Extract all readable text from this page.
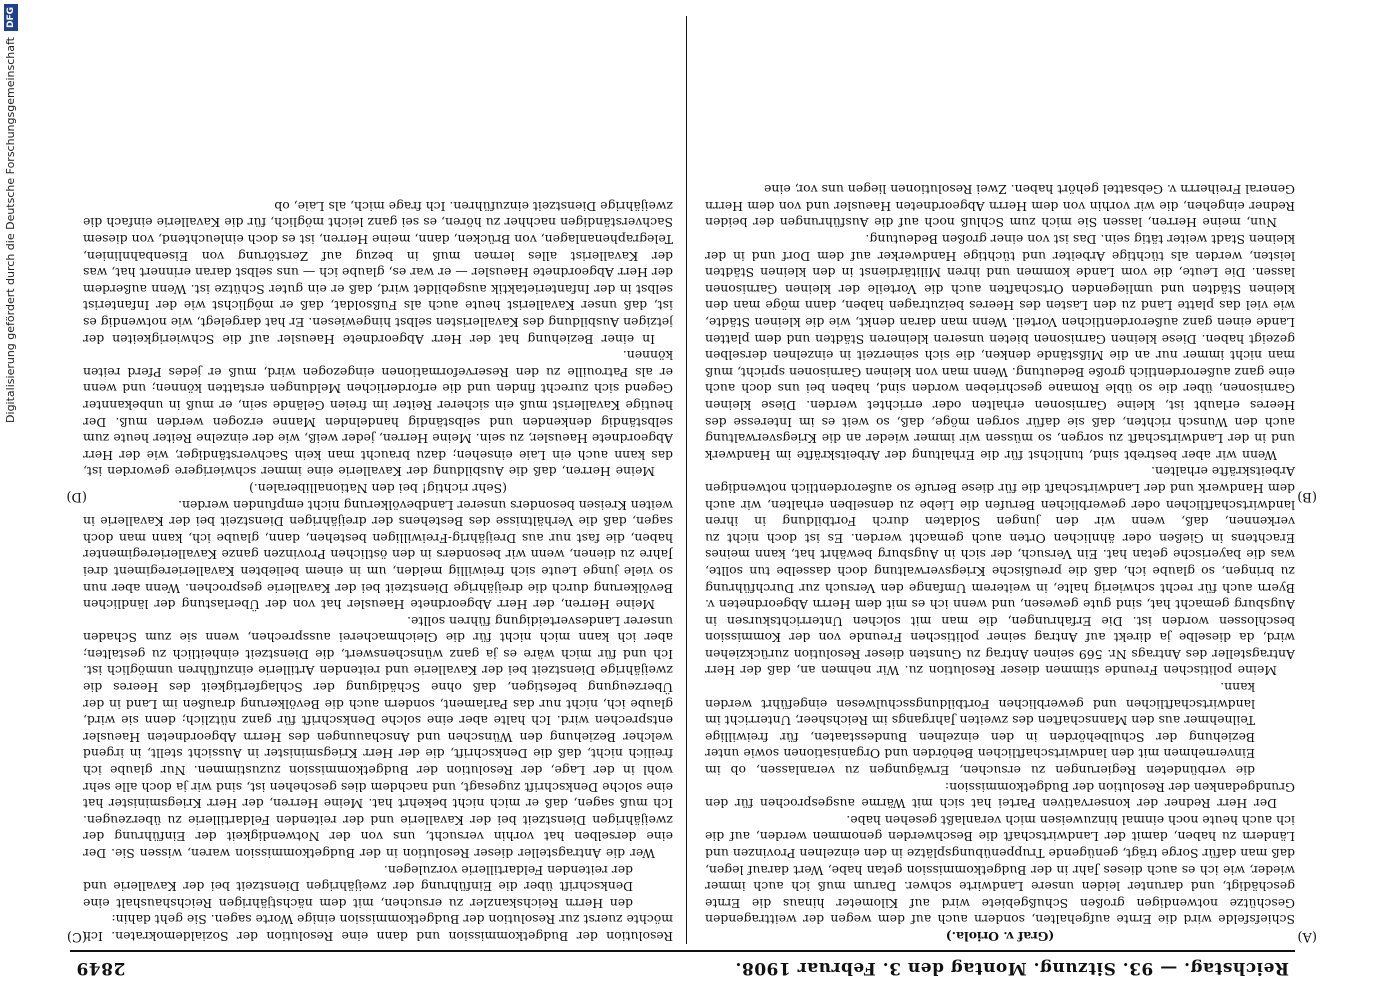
Reichstag. — 93. Sitzung. Montag den 3. Februar 1908.
2849

(Graf v. Oriola.)

Schiefsfelde wird die Ernte aufgehalten, sondern auch auf dem wegen der weittragenden Geschütze notwendigen großen Schußgebiete wird auf Kilometer hinaus die Ernte geschädigt, und darunter leiden unsere Landwirte schwer. Darum muß ich auch immer wieder, wie ich es auch dieses Jahr in der Budgetkommission getan habe, Wert darauf legen, daß man dafür Sorge trägt, genügende Truppenübungsplätze in den einzelnen Provinzen und Ländern zu haben, damit der Landwirtschaft die Beschwerden genommen werden, auf die ich auch heute noch einmal hinzuweisen mich veranlaßt gesehen habe.

Der Herr Redner der konservativen Partei hat sich mit Wärme ausgesprochen für den Grundgedanken der Resolution der Budgetkommission:

die verbündeten Regierungen zu ersuchen, Erwägungen zu veranlassen, ob im Einvernehmen mit den landwirtschaftlichen Behörden und Organisationen sowie unter Beziehung der Schulbehörden in den einzelnen Bundesstaaten, für freiwillige Teilnehmer aus den Mannschaften des zweiten Jahrgangs im Reichsheer, Unterricht im landwirtschaftlichen und gewerblichen Fortbildungsschulwesen eingeführt werden kann.

Meine politischen Freunde stimmen dieser Resolution zu. Wir nehmen an, daß der Herr Antragsteller des Antrags Nr. 569 seinen Antrag zu Gunsten dieser Resolution zurückziehen wird, da dieselbe ja direkt auf Antrag seiner politischen Freunde von der Kommission beschlossen worden ist. Die Erfahrungen, die man mit solchen Unterrichtskursen in Augsburg gemacht hat, sind gute gewesen, und wenn ich es mit dem Herrn Abgeordneten v. Byern auch für recht schwierig halte, in weiterem Umfange den Versuch zur Durchführung zu bringen, so glaube ich, daß die preußische Kriegsverwaltung doch dasselbe tun sollte, was die bayerische getan hat. Ein Versuch, der sich in Augsburg bewährt hat, kann meines Erachtens in Gießen oder ähnlichen Orten auch gemacht werden. Es ist doch nicht zu verkennen, daß, wenn wir den jungen Soldaten durch Fortbildung in ihren landwirtschaftlichen oder gewerblichen Berufen die Liebe zu denselben erhalten, wir auch dem Handwerk und der Landwirtschaft die für diese Berufe so außerordentlich notwendigen Arbeitskräfte erhalten.

Wenn wir aber bestrebt sind, tunlichst für die Erhaltung der Arbeitskräfte im Handwerk und in der Landwirtschaft zu sorgen, so müssen wir immer wieder an die Kriegsverwaltung auch den Wunsch richten, daß sie dafür sorgen möge, daß, so weit es im Interesse des Heeres erlaubt ist, kleine Garnisonen erhalten oder errichtet werden. Diese kleinen Garnisonen, über die so üble Romane geschrieben worden sind, haben bei uns doch auch eine ganz außerordentlich große Bedeutung. Wenn man von kleinen Garnisonen spricht, muß man nicht immer nur an die Mißstände denken, die sich seinerzeit in einzelnen derselben gezeigt haben. Diese kleinen Garnisonen bieten unseren kleineren Städten und dem platten Lande einen ganz außerordentlichen Vorteil. Wenn man daran denkt, wie die kleinen Städte, wie viel das platte Land zu den Lasten des Heeres beizutragen haben, dann möge man den kleinen Städten und umliegenden Ortschaften auch die Vorteile der kleinen Garnisonen lassen. Die Leute, die vom Lande kommen und ihren Militärdienst in den kleinen Städten leisten, werden als tüchtige Arbeiter und tüchtige Handwerker auf dem Dorf und in der kleinen Stadt weiter tätig sein. Das ist von einer großen Bedeutung.

Nun, meine Herren, lassen Sie mich zum Schluß noch auf die Ausführungen der beiden Redner eingehen, die wir vorhin von dem Herrn Abgeordneten Haeusler und von dem Herrn General Freiherrn v. Gebsattel gehört haben. Zwei Resolutionen liegen uns vor, eine

Resolution der Budgetkommission und dann eine Resolution der Sozialdemokraten. Ich möchte zuerst zur Resolution der Budgetkommission einige Worte sagen. Sie geht dahin:

den Herrn Reichskanzler zu ersuchen, mit dem nächstjährigen Reichshaushalt eine Denkschrift über die Einführung der zweijährigen Dienstzeit bei der Kavallerie und der reitenden Feldartillerie vorzulegen.

Wer die Antragsteller dieser Resolution in der Budgetkommission waren, wissen Sie. Der eine derselben hat vorhin versucht, uns von der Notwendigkeit der Einführung der zweijährigen Dienstzeit bei der Kavallerie und der reitenden Feldartillerie zu überzeugen. Ich muß sagen, daß er mich nicht bekehrt hat. Meine Herren, der Herr Kriegsminister hat eine solche Denkschrift zugesagt, und nachdem dies geschehen ist, sind wir ja doch alle sehr wohl in der Lage, der Resolution der Budgetkommission zuzustimmen. Nur glaube ich freilich nicht, daß die Denkschrift, die der Herr Kriegsminister in Aussicht stellt, in irgend welcher Beziehung den Wünschen und Anschauungen des Herrn Abgeordneten Haeusler entsprechen wird. Ich halte aber eine solche Denkschrift für ganz nützlich; denn sie wird, glaube ich, nicht nur das Parlament, sondern auch die Bevölkerung draußen im Land in der Überzeugung befestigen, daß ohne Schädigung der Schlagfertigkeit des Heeres die zweijährige Dienstzeit bei der Kavallerie und reitenden Artillerie einzuführen unmöglich ist. Ich und für mich wäre es ja ganz wünschenswert, die Dienstzeit einheitlich zu gestalten; aber ich kann mich nicht für die Gleichmacherei aussprechen, wenn sie zum Schaden unserer Landesverteidigung führen sollte.

Meine Herren, der Herr Abgeordnete Haeusler hat von der Überlastung der ländlichen Bevölkerung durch die dreijährige Dienstzeit bei der Kavallerie gesprochen. Wenn aber nun so viele junge Leute sich freiwillig melden, um in einem beliebten Kavallerieregiment drei Jahre zu dienen, wenn wir besonders in den östlichen Provinzen ganze Kavallerieregimenter haben, die fast nur aus Dreijährig-Freiwilligen bestehen, dann, glaube ich, kann man doch sagen, daß die Verhältnisse des Bestehens der dreijährigen Dienstzeit bei der Kavallerie in weiten Kreisen besonders unserer Landbevölkerung nicht empfunden werden.

(Sehr richtig! bei den Nationalliberalen.)

Meine Herren, daß die Ausbildung der Kavallerie eine immer schwierigere geworden ist, das kann auch ein Laie einsehen; dazu braucht man kein Sachverständiger, wie der Herr Abgeordnete Haeusler, zu sein. Meine Herren, jeder weiß, wie der einzelne Reiter heute zum selbständig denkenden und selbständig handelnden Manne erzogen werden muß. Der heutige Kavallerist muß ein sicherer Reiter im freien Gelände sein, er muß in unbekannter Gegend sich zurecht finden und die erforderlichen Meldungen erstatten können; und wenn er als Patrouille zu den Reserveformationen eingezogen wird, muß er jedes Pferd reiten können.

In einer Beziehung hat der Herr Abgeordnete Haeusler auf die Schwierigkeiten der jetzigen Ausbildung des Kavalleristen selbst hingewiesen. Er hat dargelegt, wie notwendig es ist, daß unser Kavallerist heute auch als Fußsoldat, daß er möglichst wie der Infanterist selbst in der Infanterietaktik ausgebildet wird, daß er ein guter Schütze ist. Wenn außerdem der Herr Abgeordnete Haeusler — er war es, glaube ich — uns selbst daran erinnert hat, was der Kavallerist alles lernen muß in bezug auf Zerstörung von Eisenbahnlinien, Telegraphenanlagen, von Brücken, dann, meine Herren, ist es doch einleuchtend, von diesem Sachverständigen nachher zu hören, es sei ganz leicht möglich, für die Kavallerie einfach die zweijährige Dienstzeit einzuführen. Ich frage mich, als Laie, ob

(A)
(B)
(C)
(D)
Digitalisierung gefördert durch die Deutsche Forschungsgemeinschaft
DFG
